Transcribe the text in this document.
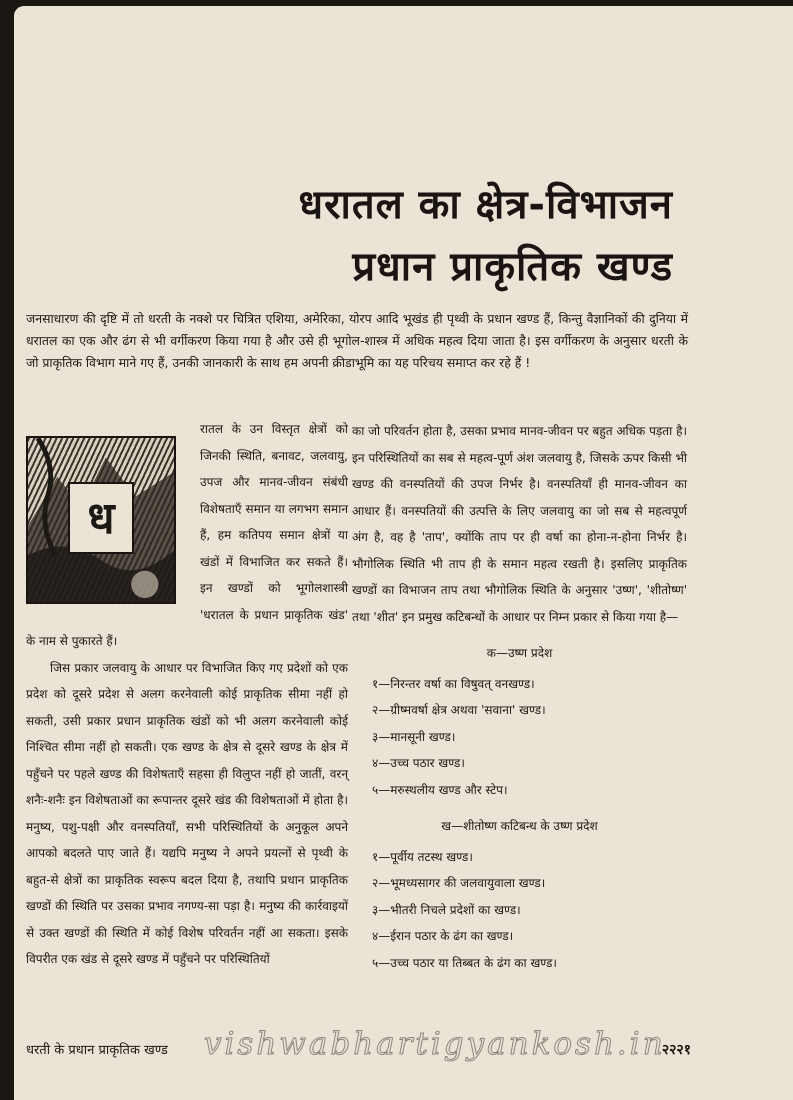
धरातल का क्षेत्र-विभाजन
प्रधान प्राकृतिक खण्ड

जनसाधारण की दृष्टि में तो धरती के नक्शे पर चित्रित एशिया, अमेरिका, योरप आदि भूखंड ही पृथ्वी के प्रधान खण्ड हैं, किन्तु वैज्ञानिकों की दुनिया में धरातल का एक और ढंग से भी वर्गीकरण किया गया है और उसे ही भूगोल-शास्त्र में अधिक महत्व दिया जाता है। इस वर्गीकरण के अनुसार धरती के जो प्राकृतिक विभाग माने गए हैं, उनकी जानकारी के साथ हम अपनी क्रीडाभूमि का यह परिचय समाप्त कर रहे हैं !

ध

रातल के उन विस्तृत क्षेत्रों को जिनकी स्थिति, बनावट, जलवायु, उपज और मानव-जीवन संबंधी विशेषताएँ समान या लगभग समान हैं, हम कतिपय समान क्षेत्रों या खंडों में विभाजित कर सकते हैं। इन खण्डों को भूगोलशास्त्री 'धरातल के प्रधान प्राकृतिक खंड' के नाम से पुकारते हैं।

जिस प्रकार जलवायु के आधार पर विभाजित किए गए प्रदेशों को एक प्रदेश को दूसरे प्रदेश से अलग करनेवाली कोई प्राकृतिक सीमा नहीं हो सकती, उसी प्रकार प्रधान प्राकृतिक खंडों को भी अलग करनेवाली कोई निश्चित सीमा नहीं हो सकती। एक खण्ड के क्षेत्र से दूसरे खण्ड के क्षेत्र में पहुँचने पर पहले खण्ड की विशेषताएँ सहसा ही विलुप्त नहीं हो जातीं, वरन् शनैः-शनैः इन विशेषताओं का रूपान्तर दूसरे खंड की विशेषताओं में होता है। मनुष्य, पशु-पक्षी और वनस्पतियाँ, सभी परिस्थितियों के अनुकूल अपने आपको बदलते पाए जाते हैं। यद्यपि मनुष्य ने अपने प्रयत्नों से पृथ्वी के बहुत-से क्षेत्रों का प्राकृतिक स्वरूप बदल दिया है, तथापि प्रधान प्राकृतिक खण्डों की स्थिति पर उसका प्रभाव नगण्य-सा पड़ा है। मनुष्य की कार्रवाइयों से उक्त खण्डों की स्थिति में कोई विशेष परिवर्तन नहीं आ सकता। इसके विपरीत एक खंड से दूसरे खण्ड में पहुँचने पर परिस्थितियों

का जो परिवर्तन होता है, उसका प्रभाव मानव-जीवन पर बहुत अधिक पड़ता है। इन परिस्थितियों का सब से महत्व-पूर्ण अंश जलवायु है, जिसके ऊपर किसी भी खण्ड की वनस्पतियों की उपज निर्भर है। वनस्पतियाँ ही मानव-जीवन का आधार हैं। वनस्पतियों की उत्पत्ति के लिए जलवायु का जो सब से महत्वपूर्ण अंग है, वह है 'ताप', क्योंकि ताप पर ही वर्षा का होना-न-होना निर्भर है। भौगोलिक स्थिति भी ताप ही के समान महत्व रखती है। इसलिए प्राकृतिक खण्डों का विभाजन ताप तथा भौगोलिक स्थिति के अनुसार 'उष्ण', 'शीतोष्ण' तथा 'शीत' इन प्रमुख कटिबन्धों के आधार पर निम्न प्रकार से किया गया है—

क—उष्ण प्रदेश
१—निरन्तर वर्षा का विषुवत् वनखण्ड।
२—ग्रीष्मवर्षा क्षेत्र अथवा 'सवाना' खण्ड।
३—मानसूनी खण्ड।
४—उच्च पठार खण्ड।
५—मरुस्थलीय खण्ड और स्टेप।
ख—शीतोष्ण कटिबन्ध के उष्ण प्रदेश
१—पूर्वीय तटस्थ खण्ड।
२—भूमध्यसागर की जलवायुवाला खण्ड।
३—भीतरी निचले प्रदेशों का खण्ड।
४—ईरान पठार के ढंग का खण्ड।
५—उच्च पठार या तिब्बत के ढंग का खण्ड।
धरती के प्रधान प्राकृतिक खण्ड	२२२१
vishwabhartigyankosh.in
